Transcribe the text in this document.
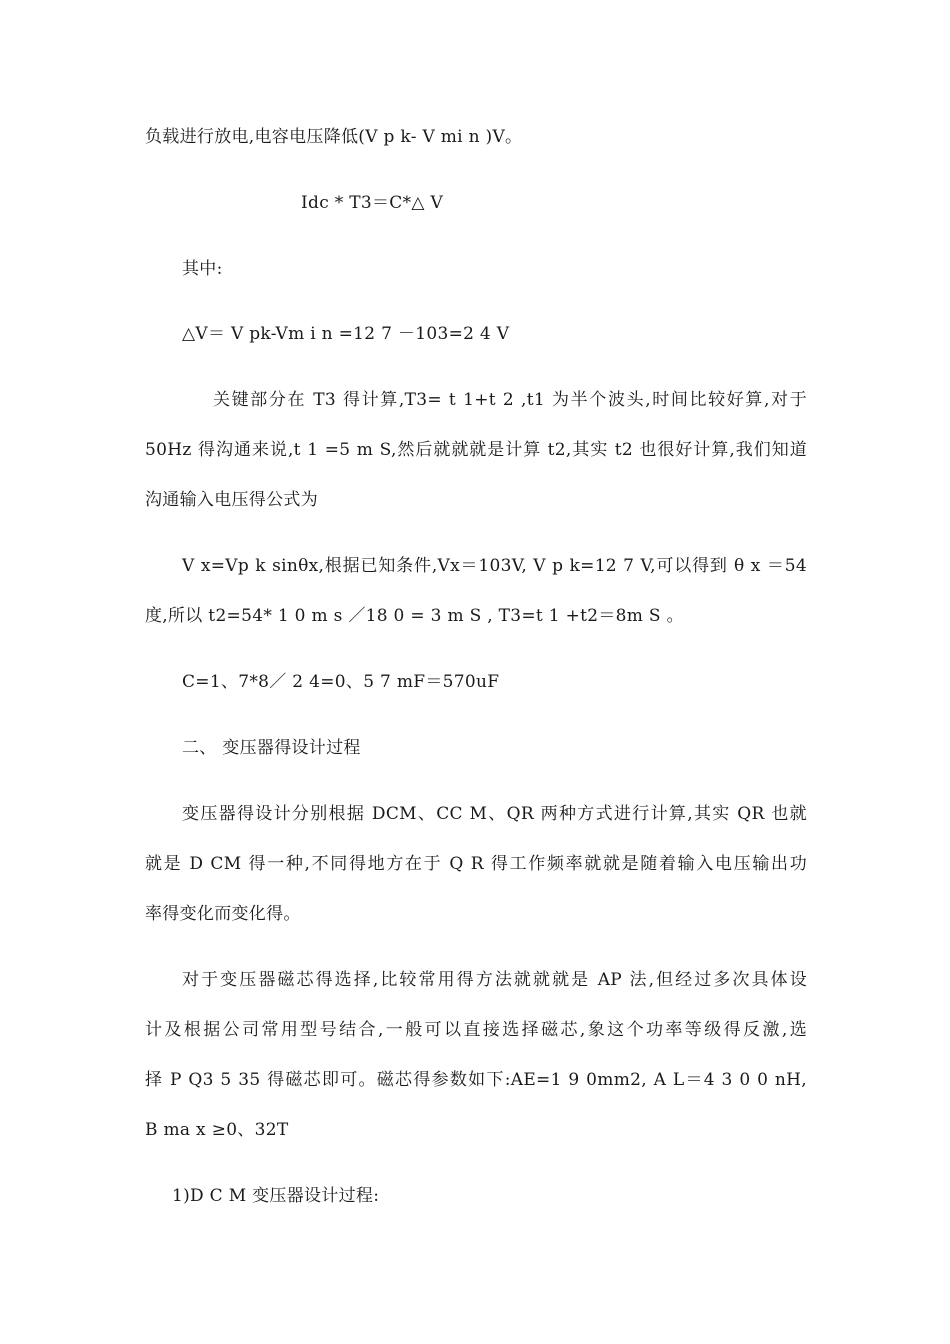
负载进行放电,电容电压降低(V p k- V mi n )V。
Idc * T3＝C*△ V
其中:
△V＝ V pk-Vm i n =12 7 －103=2 4 V
关键部分在 T3 得计算,T3= t 1+t 2 ,t1 为半个波头,时间比较好算,对于
50Hz 得沟通来说,t 1 =5 m S,然后就就就是计算 t2,其实 t2 也很好计算,我们知道
沟通输入电压得公式为
V x=Vp k sinθx,根据已知条件,Vx＝103V, V p k=12 7 V,可以得到 θ x ＝54
度,所以 t2=54* 1 0 m s ／18 0 = 3 m S , T3=t 1 +t2＝8m S 。
C=1、7*8／ 2 4=0、5 7 mF＝570uF
二、 变压器得设计过程
变压器得设计分别根据 DCM、CC M、QR 两种方式进行计算,其实 QR 也就
就是 D CM 得一种,不同得地方在于 Q R 得工作频率就就是随着输入电压输出功
率得变化而变化得。
对于变压器磁芯得选择,比较常用得方法就就就是 AP 法,但经过多次具体设
计及根据公司常用型号结合,一般可以直接选择磁芯,象这个功率等级得反激,选
择 P Q3 5 35 得磁芯即可。磁芯得参数如下:AE=1 9 0mm2, A L＝4 3 0 0 nH,
B ma x ≥0、32T
1)D C M 变压器设计过程:
